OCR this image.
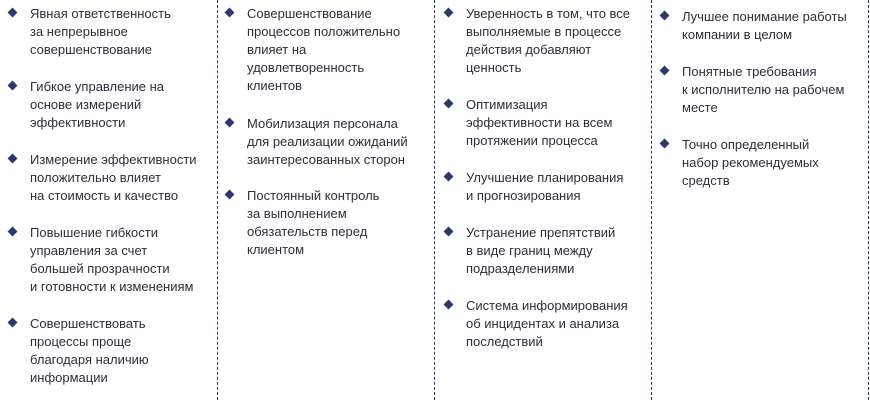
Явная ответственность
за непрерывное
совершенствование
Гибкое управление на
основе измерений
эффективности
Измерение эффективности
положительно влияет
на стоимость и качество
Повышение гибкости
управления за счет
большей прозрачности
и готовности к изменениям
Совершенствовать
процессы проще
благодаря наличию
информации
Совершенствование
процессов положительно
влияет на
удовлетворенность
клиентов
Мобилизация персонала
для реализации ожиданий
заинтересованных сторон
Постоянный контроль
за выполнением
обязательств перед
клиентом
Уверенность в том, что все
выполняемые в процессе
действия добавляют
ценность
Оптимизация
эффективности на всем
протяжении процесса
Улучшение планирования
и прогнозирования
Устранение препятствий
в виде границ между
подразделениями
Система информирования
об инцидентах и анализа
последствий
Лучшее понимание работы
компании в целом
Понятные требования
к исполнителю на рабочем
месте
Точно определенный
набор рекомендуемых
средств
